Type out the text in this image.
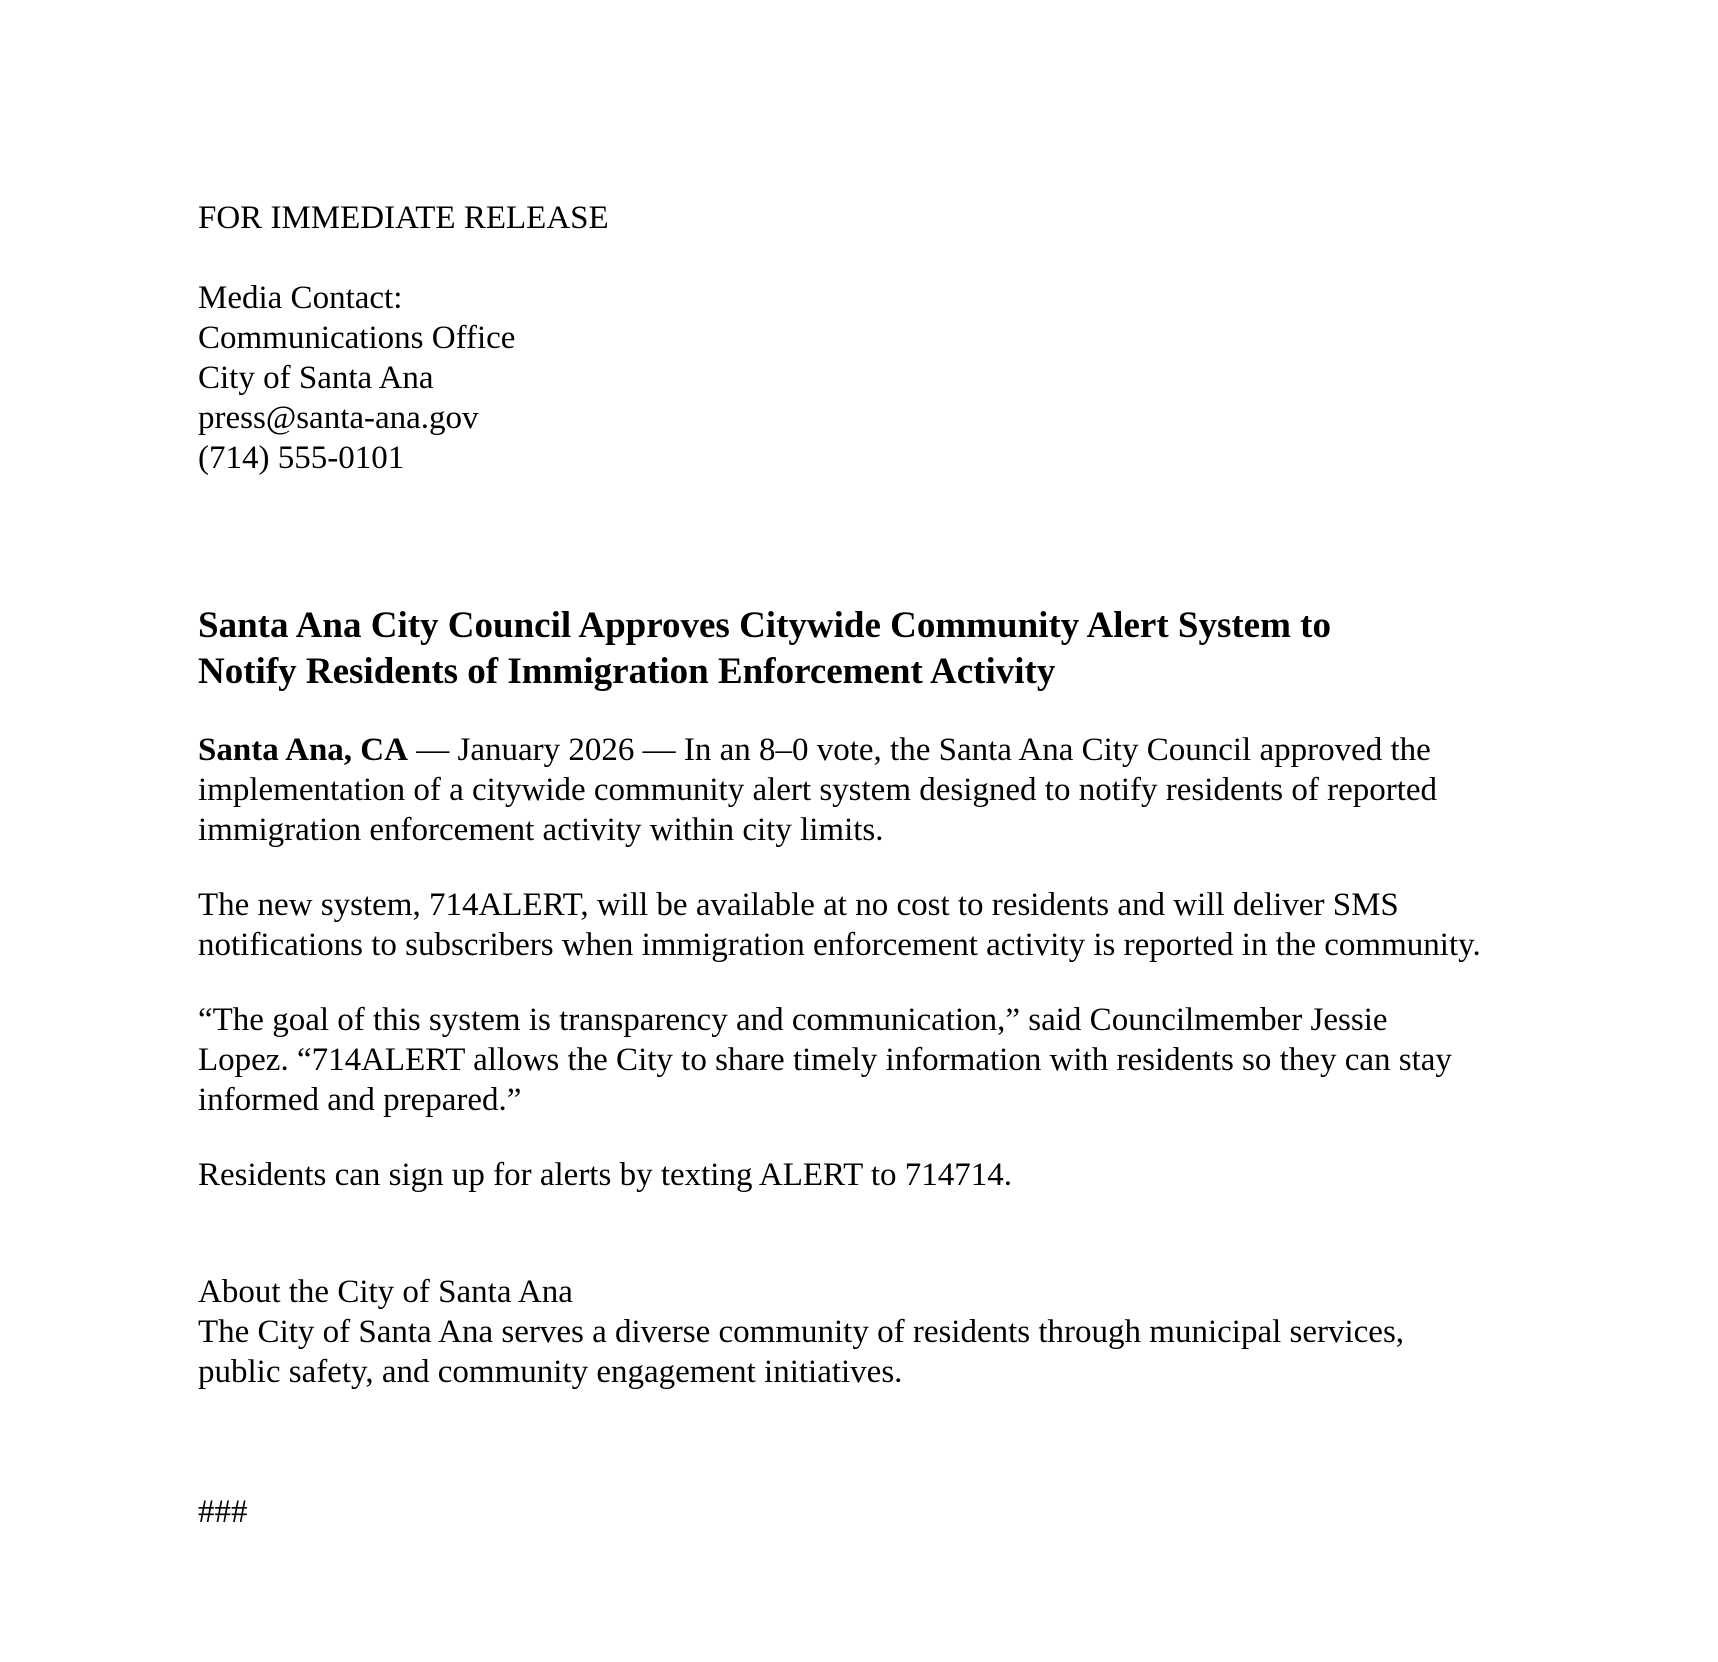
FOR IMMEDIATE RELEASE
Media Contact:
Communications Office
City of Santa Ana
press@santa-ana.gov
(714) 555-0101
Santa Ana City Council Approves Citywide Community Alert System to
Notify Residents of Immigration Enforcement Activity
Santa Ana, CA — January 2026 — In an 8–0 vote, the Santa Ana City Council approved the
implementation of a citywide community alert system designed to notify residents of reported
immigration enforcement activity within city limits.
The new system, 714ALERT, will be available at no cost to residents and will deliver SMS
notifications to subscribers when immigration enforcement activity is reported in the community.
“The goal of this system is transparency and communication,” said Councilmember Jessie
Lopez. “714ALERT allows the City to share timely information with residents so they can stay
informed and prepared.”
Residents can sign up for alerts by texting ALERT to 714714.
About the City of Santa Ana
The City of Santa Ana serves a diverse community of residents through municipal services,
public safety, and community engagement initiatives.
###
